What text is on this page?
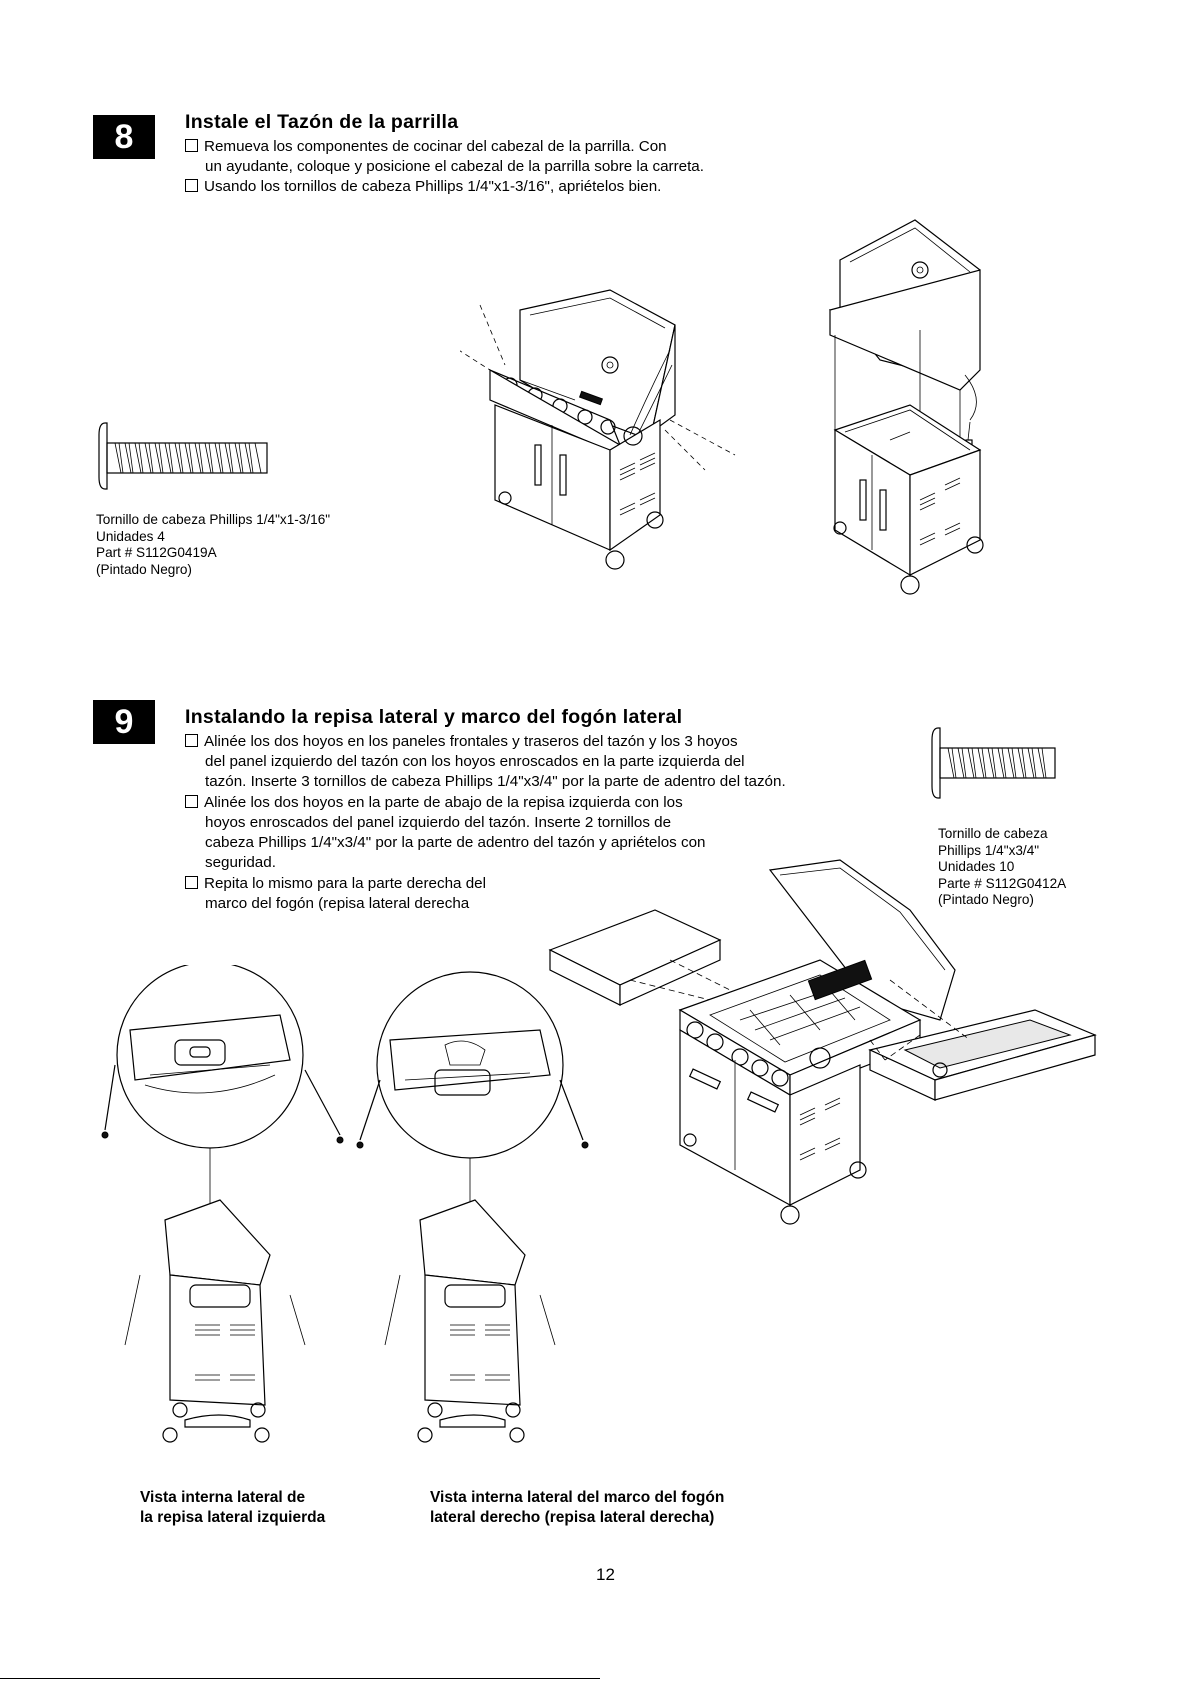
8	Instale el Tazón de la parrilla
Remueva los componentes de cocinar del cabezal de la parrilla. Con
un ayudante, coloque y posicione el cabezal de la parrilla sobre la carreta.
Usando los tornillos de cabeza Phillips 1/4"x1-3/16", apriételos bien.
Tornillo de cabeza Phillips 1/4"x1-3/16"
Unidades 4
Part # S112G0419A
(Pintado Negro)
9	Instalando la repisa lateral y marco del fogón lateral
Alinée los dos hoyos en los paneles frontales y traseros del tazón y los 3 hoyos
del panel izquierdo del tazón con los hoyos enroscados en la parte izquierda del
tazón. Inserte 3 tornillos de cabeza Phillips 1/4"x3/4" por la parte de adentro del tazón.
Alinée los dos hoyos en la parte de abajo de la repisa izquierda con los
hoyos enroscados del panel izquierdo del tazón. Inserte 2 tornillos de
cabeza Phillips 1/4"x3/4" por la parte de adentro del tazón y apriételos con
seguridad.
Repita lo mismo para la parte derecha del
marco del fogón (repisa lateral derecha
Tornillo de cabeza
Phillips 1/4"x3/4"
Unidades 10
Parte # S112G0412A
(Pintado Negro)
Vista interna lateral de
la repisa lateral izquierda
Vista interna lateral del marco del fogón
lateral derecho (repisa lateral derecha)
12
